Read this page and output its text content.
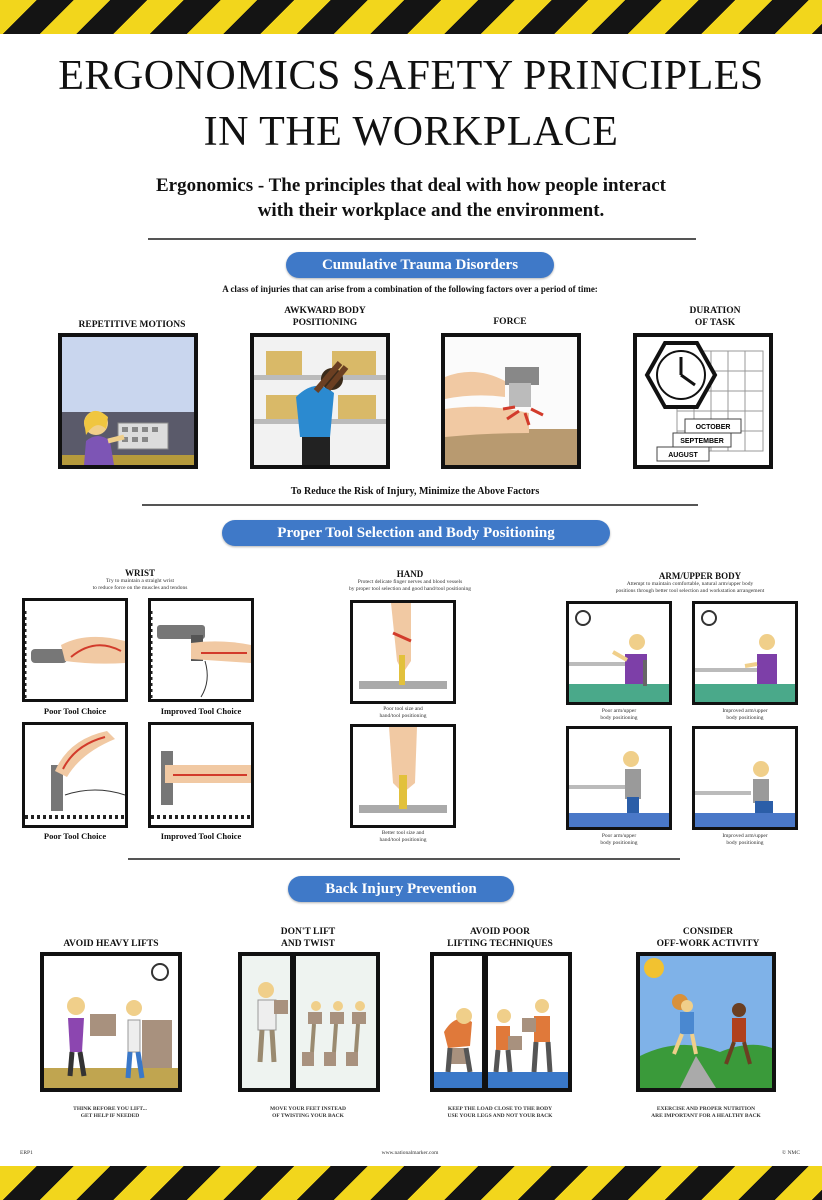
ERGONOMICS SAFETY PRINCIPLES
IN THE WORKPLACE
Ergonomics - The principles that deal with how people interact
with their workplace and the environment.
Cumulative Trauma Disorders
A class of injuries that can arise from a combination of the following factors over a period of time:
REPETITIVE MOTIONS
AWKWARD BODY
POSITIONING	FORCE
DURATION
OF TASK
OCTOBER
SEPTEMBER
AUGUST
To Reduce the Risk of Injury, Minimize the Above Factors
Proper Tool Selection and Body Positioning
WRIST
Try to maintain a straight wrist
to reduce force on the muscles and tendons
HAND
Protect delicate finger nerves and blood vessels
by proper tool selection and good hand/tool positioning
ARM/UPPER BODY
Attempt to maintain comfortable, natural arm/upper body
positions through better tool selection and workstation arrangement
Poor Tool Choice	Improved Tool Choice
Poor Tool Choice	Improved Tool Choice
Poor tool size and
hand/tool positioning
Better tool size and
hand/tool positioning
Poor arm/upper
body positioning
Improved arm/upper
body positioning
Poor arm/upper
body positioning
Improved arm/upper
body positioning
Back Injury Prevention
AVOID HEAVY LIFTS
DON'T LIFT
AND TWIST
AVOID POOR
LIFTING TECHNIQUES
CONSIDER
OFF-WORK ACTIVITY
THINK BEFORE YOU LIFT...
GET HELP IF NEEDED
MOVE YOUR FEET INSTEAD
OF TWISTING YOUR BACK
KEEP THE LOAD CLOSE TO THE BODY
USE YOUR LEGS AND NOT YOUR BACK
EXERCISE AND PROPER NUTRITION
ARE IMPORTANT FOR A HEALTHY BACK
ERP1	www.nationalmarker.com	© NMC
